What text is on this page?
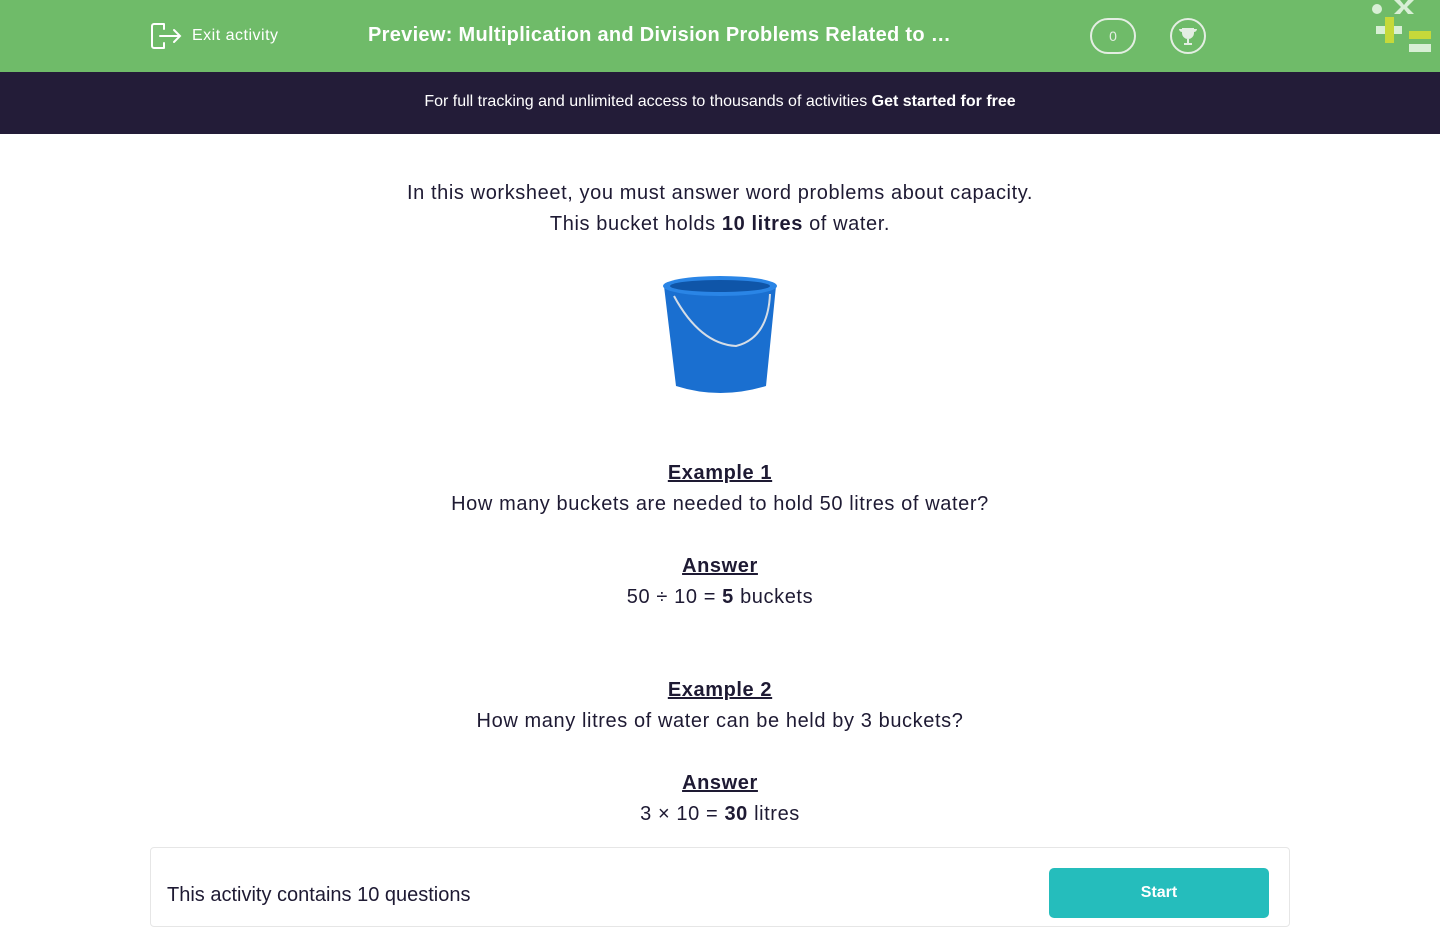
Exit activity	Preview: Multiplication and Division Problems Related to …	0
For full tracking and unlimited access to thousands of activities Get started for free
In this worksheet, you must answer word problems about capacity.
This bucket holds 10 litres of water.
Example 1
How many buckets are needed to hold 50 litres of water?
Answer
50 ÷ 10 = 5 buckets
Example 2
How many litres of water can be held by 3 buckets?
Answer
3 × 10 = 30 litres
This activity contains 10 questions	Start
